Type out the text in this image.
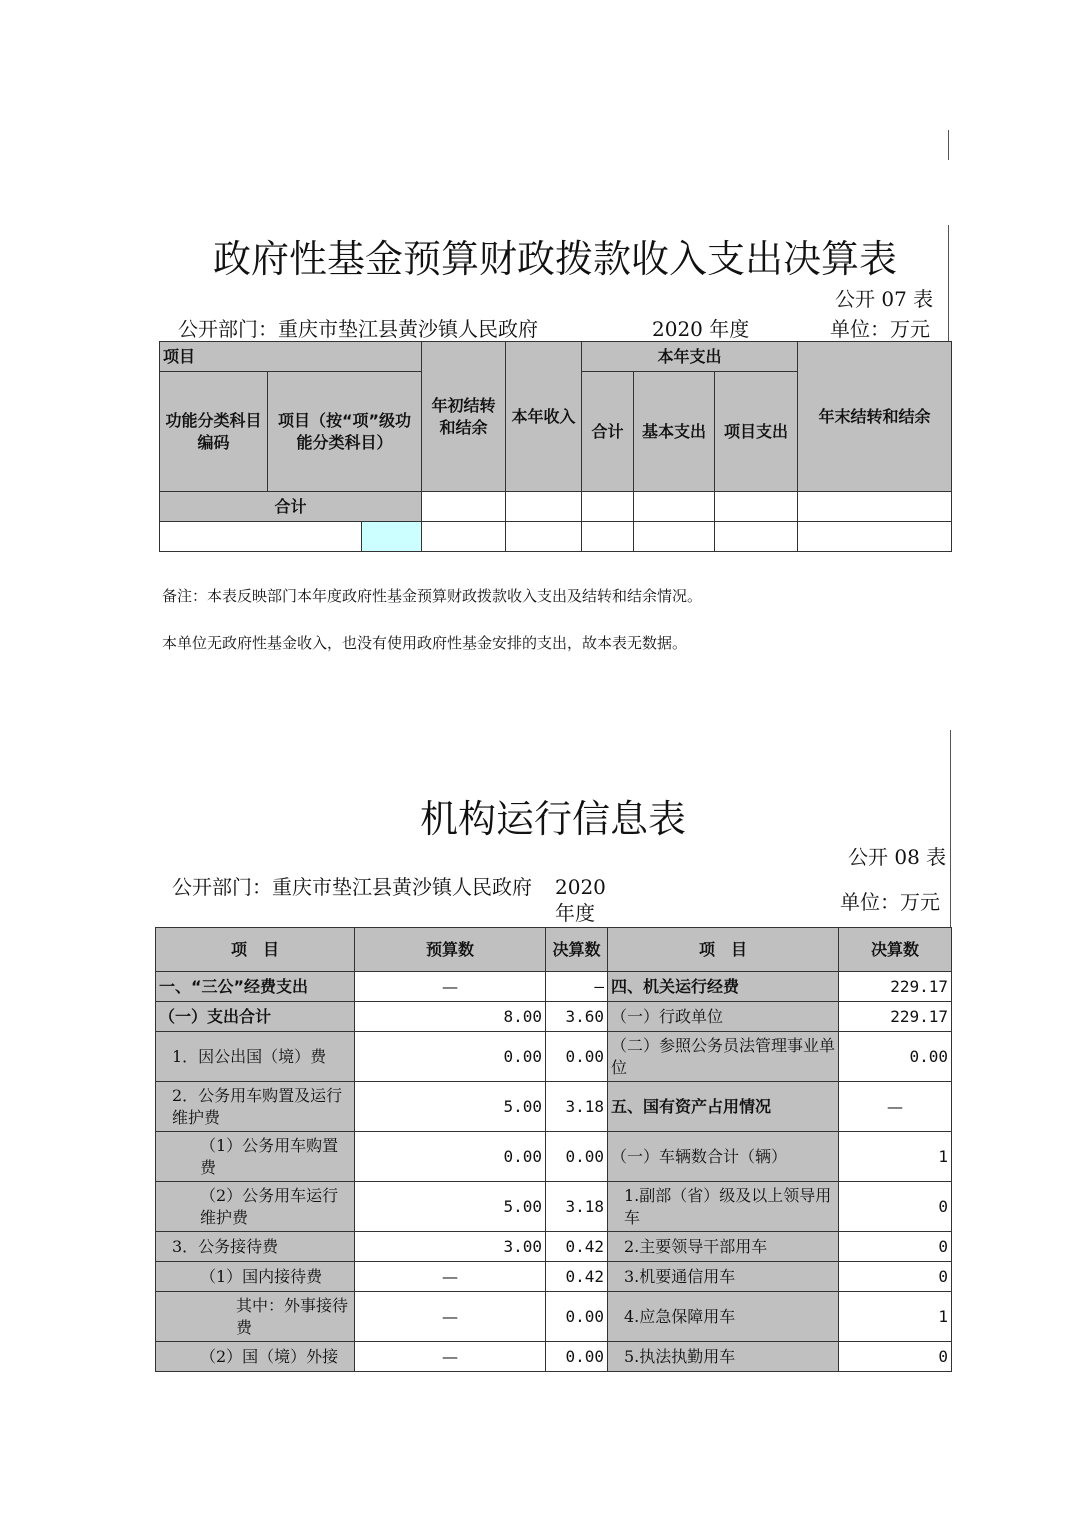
政府性基金预算财政拨款收入支出决算表
公开 07 表
公开部门：重庆市垫江县黄沙镇人民政府	2020 年度	单位：万元
项目			年初结转和结余	本年收入	本年支出			年末结转和结余
功能分类科目编码	项目（按“项”级功能分类科目）				合计	基本支出	项目支出	
合计								

备注：本表反映部门本年度政府性基金预算财政拨款收入支出及结转和结余情况。
本单位无政府性基金收入，也没有使用政府性基金安排的支出，故本表无数据。
机构运行信息表
公开 08 表
公开部门：重庆市垫江县黄沙镇人民政府	2020 年度	单位：万元
项　目	预算数	决算数	项　目	决算数
一、“三公”经费支出	—	—	四、机关运行经费	229.17
（一）支出合计	8.00	3.60	（一）行政单位	229.17
1．因公出国（境）费	0.00	0.00	（二）参照公务员法管理事业单位	0.00
2．公务用车购置及运行维护费	5.00	3.18	五、国有资产占用情况	—
（1）公务用车购置费	0.00	0.00	（一）车辆数合计（辆）	1
（2）公务用车运行维护费	5.00	3.18	1.副部（省）级及以上领导用车	0
3．公务接待费	3.00	0.42	2.主要领导干部用车	0
（1）国内接待费	—	0.42	3.机要通信用车	0
其中：外事接待费	—	0.00	4.应急保障用车	1
（2）国（境）外接	—	0.00	5.执法执勤用车	0
